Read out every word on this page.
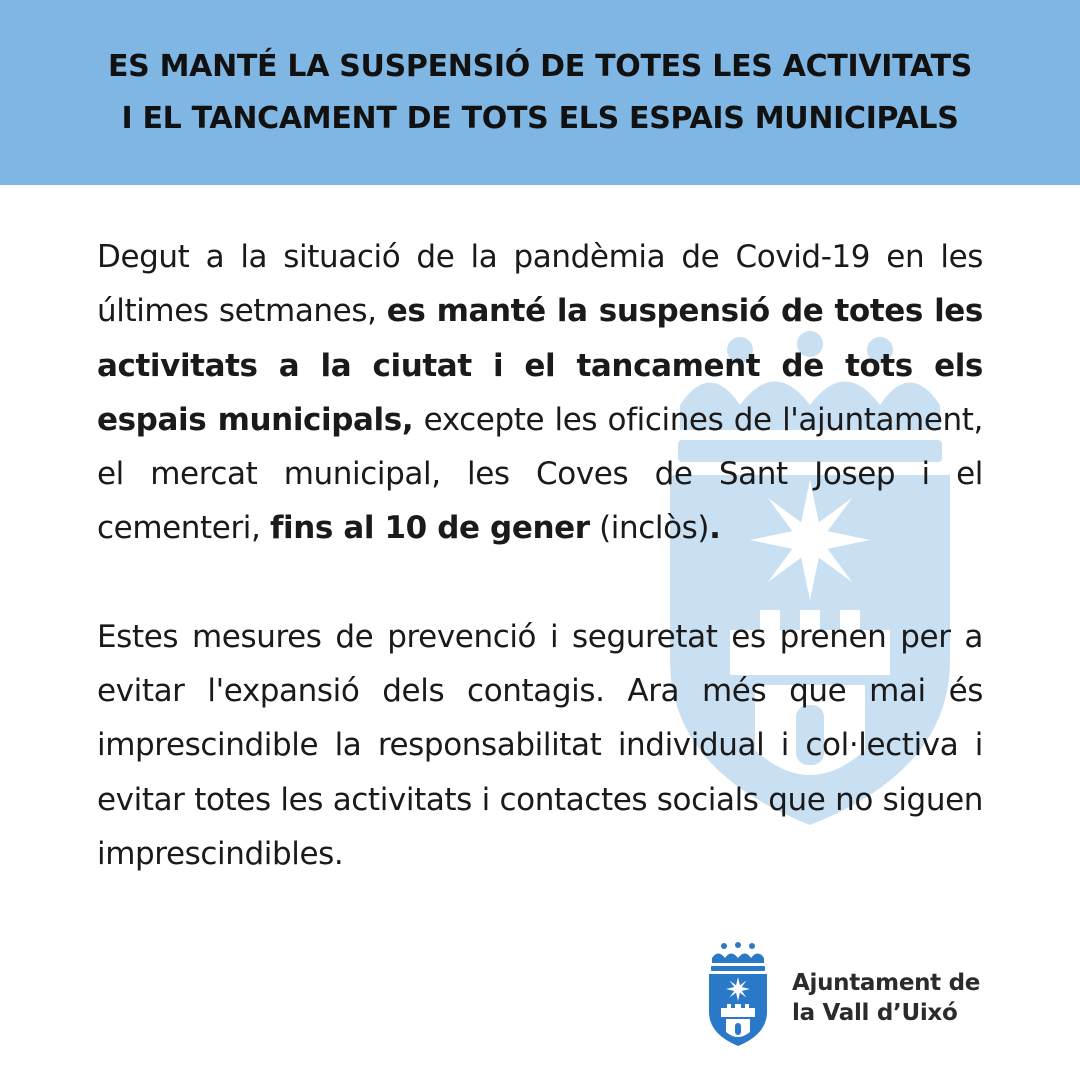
ES MANTÉ LA SUSPENSIÓ DE TOTES LES ACTIVITATS
I EL TANCAMENT DE TOTS ELS ESPAIS MUNICIPALS

Degut a la situació de la pandèmia de Covid-19 en les últimes setmanes, es manté la suspensió de totes les activitats a la ciutat i el tancament de tots els espais municipals, excepte les oficines de l'ajuntament, el mercat municipal, les Coves de Sant Josep i el cementeri, fins al 10 de gener (inclòs).

Estes mesures de prevenció i seguretat es prenen per a evitar l'expansió dels contagis. Ara més que mai és imprescindible la responsabilitat individual i col·lectiva i evitar totes les activitats i contactes socials que no siguen imprescindibles.

Ajuntament de
la Vall d’Uixó
